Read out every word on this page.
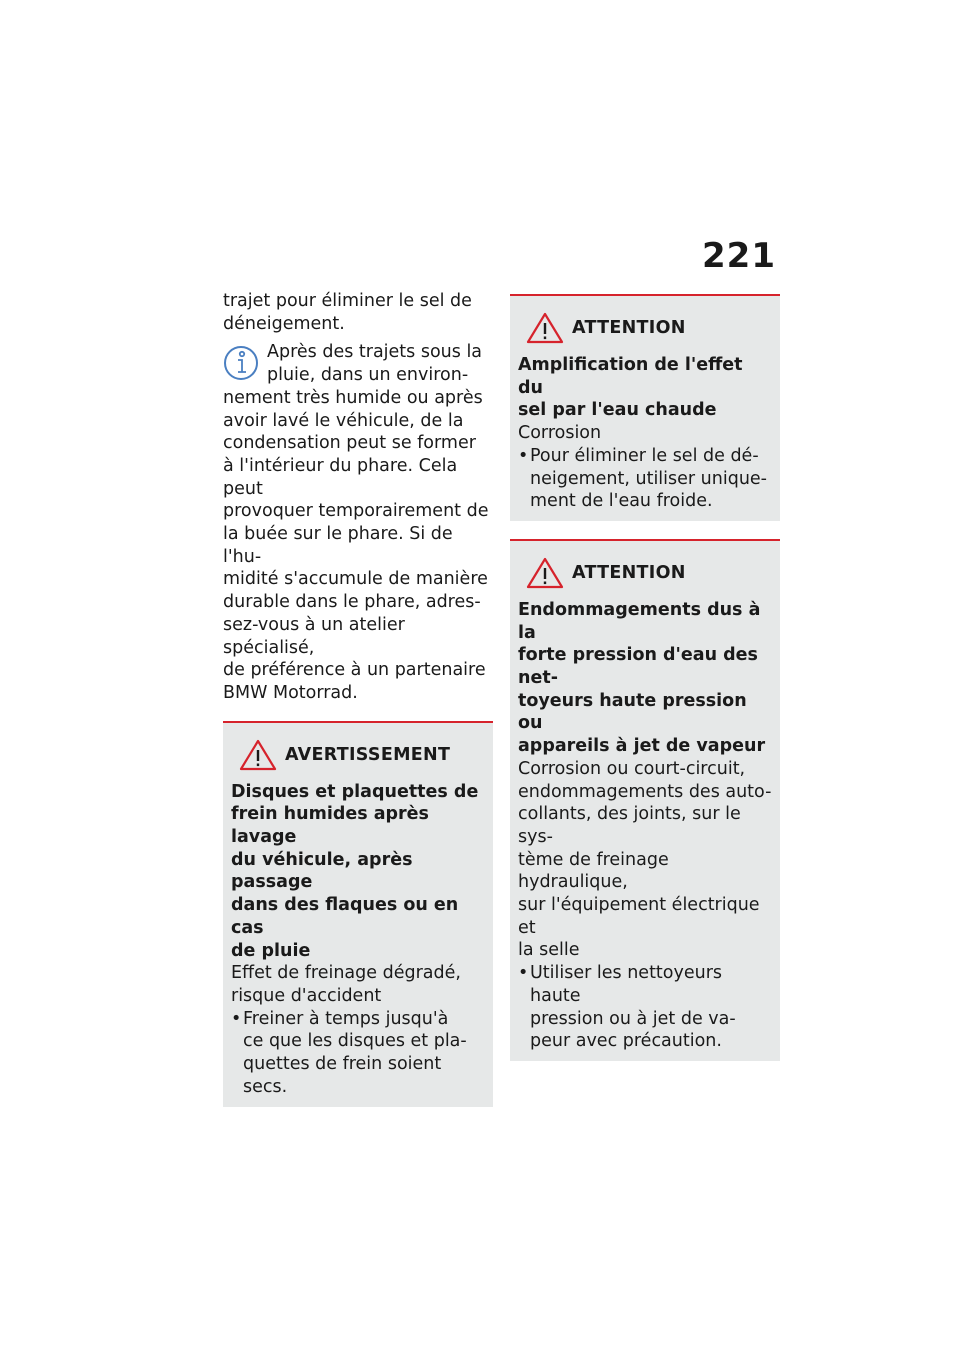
221

trajet pour éliminer le sel de
déneigement.

Après des trajets sous la
pluie, dans un environ-

nement très humide ou après
avoir lavé le véhicule, de la
condensation peut se former
à l'intérieur du phare. Cela peut
provoquer temporairement de
la buée sur le phare. Si de l'hu-
midité s'accumule de manière
durable dans le phare, adres-
sez-vous à un atelier spécialisé,
de préférence à un partenaire
BMW Motorrad.

AVERTISSEMENT

Disques et plaquettes de
frein humides après lavage
du véhicule, après passage
dans des flaques ou en cas
de pluie

Effet de freinage dégradé,
risque d'accident

• Freiner à temps jusqu'à
ce que les disques et pla-
quettes de frein soient secs.
ATTENTION

Amplification de l'effet du
sel par l'eau chaude

Corrosion

• Pour éliminer le sel de dé-
neigement, utiliser unique-
ment de l'eau froide.
ATTENTION

Endommagements dus à la
forte pression d'eau des net-
toyeurs haute pression ou
appareils à jet de vapeur

Corrosion ou court-circuit,
endommagements des auto-
collants, des joints, sur le sys-
tème de freinage hydraulique,
sur l'équipement électrique et
la selle

• Utiliser les nettoyeurs haute
pression ou à jet de va-
peur avec précaution.
